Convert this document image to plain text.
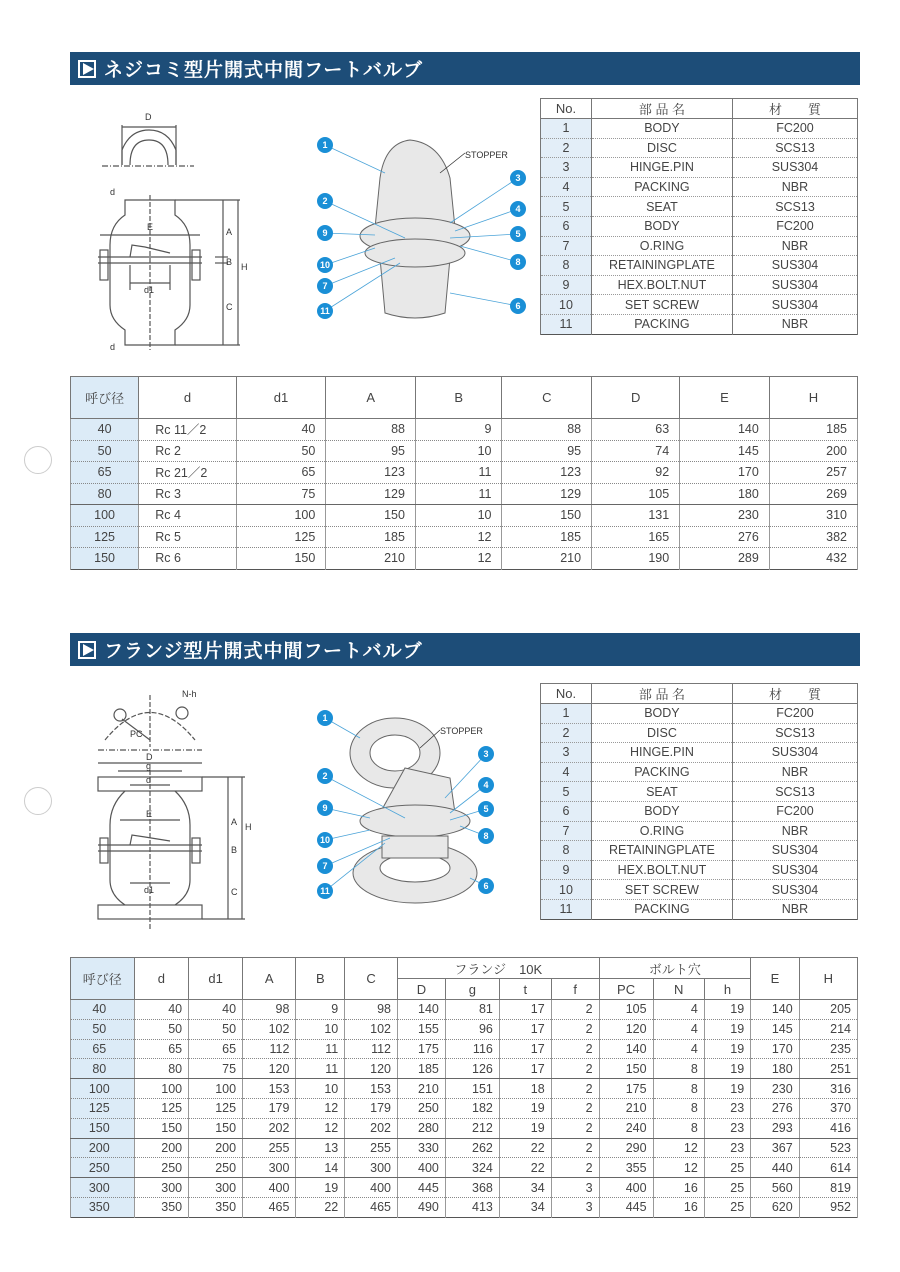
ネジコミ型片開式中間フートバルブ
D
d
d
E	A
B H
C
d1
STOPPER
1
2
9
10
7
11
3
4
5
8
6
No.	部 品 名	材　　質
1	BODY	FC200
2	DISC	SCS13
3	HINGE.PIN	SUS304
4	PACKING	NBR
5	SEAT	SCS13
6	BODY	FC200
7	O.RING	NBR
8	RETAININGPLATE	SUS304
9	HEX.BOLT.NUT	SUS304
10	SET SCREW	SUS304
11	PACKING	NBR
呼び径	d	d1	A	B	C	D	E	H
40	Rc 11／2	40	88	9	88	63	140	185
50	Rc 2	50	95	10	95	74	145	200
65	Rc 21／2	65	123	11	123	92	170	257
80	Rc 3	75	129	11	129	105	180	269
100	Rc 4	100	150	10	150	131	230	310
125	Rc 5	125	185	12	185	165	276	382
150	Rc 6	150	210	12	210	190	289	432
フランジ型片開式中間フートバルブ
N-h
PC
D
g
d
E
A
B
H
C
d1
STOPPER
1
2
9
10
7
11
3
4
5
8
6
No.	部 品 名	材　　質
1	BODY	FC200
2	DISC	SCS13
3	HINGE.PIN	SUS304
4	PACKING	NBR
5	SEAT	SCS13
6	BODY	FC200
7	O.RING	NBR
8	RETAININGPLATE	SUS304
9	HEX.BOLT.NUT	SUS304
10	SET SCREW	SUS304
11	PACKING	NBR
呼び径	d	d1	A	B	C	フランジ　10K				ボルト穴			E	H
						D	g	t	f	PC	N	h		
40	40	40	98	9	98	140	81	17	2	105	4	19	140	205
50	50	50	102	10	102	155	96	17	2	120	4	19	145	214
65	65	65	112	11	112	175	116	17	2	140	4	19	170	235
80	80	75	120	11	120	185	126	17	2	150	8	19	180	251
100	100	100	153	10	153	210	151	18	2	175	8	19	230	316
125	125	125	179	12	179	250	182	19	2	210	8	23	276	370
150	150	150	202	12	202	280	212	19	2	240	8	23	293	416
200	200	200	255	13	255	330	262	22	2	290	12	23	367	523
250	250	250	300	14	300	400	324	22	2	355	12	25	440	614
300	300	300	400	19	400	445	368	34	3	400	16	25	560	819
350	350	350	465	22	465	490	413	34	3	445	16	25	620	952
